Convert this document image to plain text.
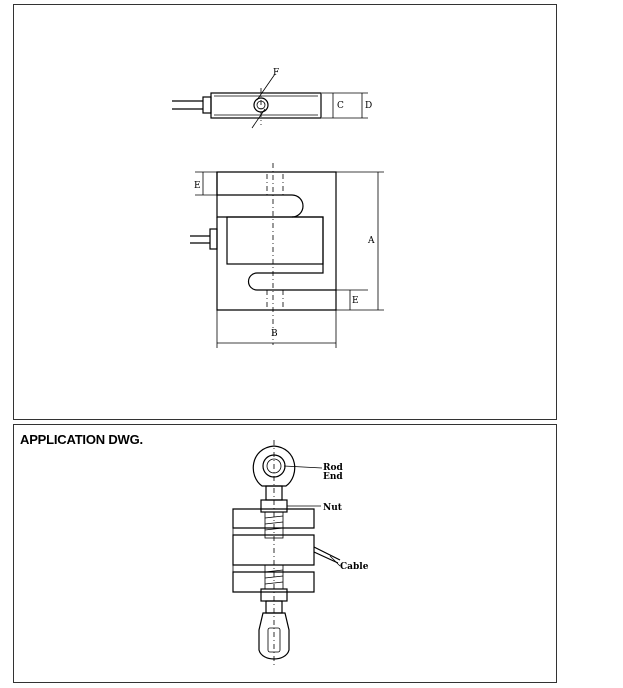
APPLICATION DWG.
F
C D
E
E
A
B
Rod
End
Nut
Cable
